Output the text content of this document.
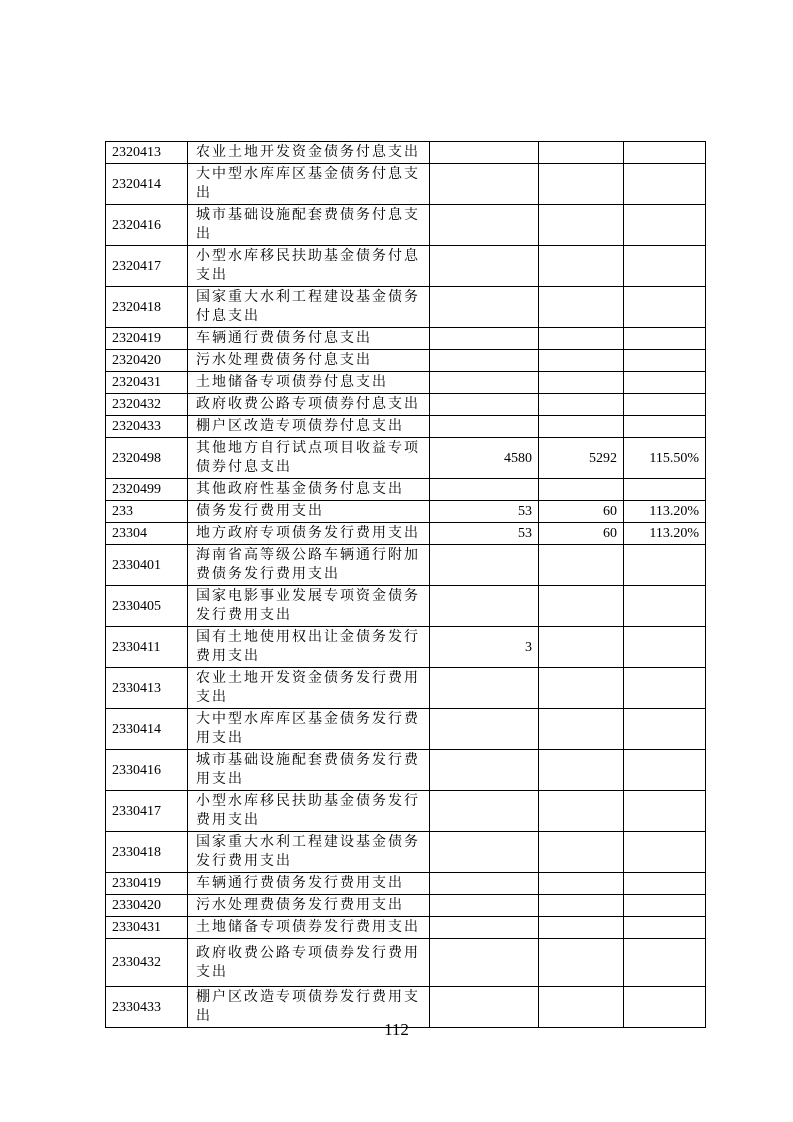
2320413	农业土地开发资金债务付息支出			
2320414	大中型水库库区基金债务付息支出			
2320416	城市基础设施配套费债务付息支出			
2320417	小型水库移民扶助基金债务付息支出			
2320418	国家重大水利工程建设基金债务付息支出			
2320419	车辆通行费债务付息支出			
2320420	污水处理费债务付息支出			
2320431	土地储备专项债券付息支出			
2320432	政府收费公路专项债券付息支出			
2320433	棚户区改造专项债券付息支出			
2320498	其他地方自行试点项目收益专项债券付息支出	4580	5292	115.50%
2320499	其他政府性基金债务付息支出			
233	债务发行费用支出	53	60	113.20%
23304	地方政府专项债务发行费用支出	53	60	113.20%
2330401	海南省高等级公路车辆通行附加费债务发行费用支出			
2330405	国家电影事业发展专项资金债务发行费用支出			
2330411	国有土地使用权出让金债务发行费用支出	3		
2330413	农业土地开发资金债务发行费用支出			
2330414	大中型水库库区基金债务发行费用支出			
2330416	城市基础设施配套费债务发行费用支出			
2330417	小型水库移民扶助基金债务发行费用支出			
2330418	国家重大水利工程建设基金债务发行费用支出			
2330419	车辆通行费债务发行费用支出			
2330420	污水处理费债务发行费用支出			
2330431	土地储备专项债券发行费用支出			
2330432	政府收费公路专项债券发行费用支出			
2330433	棚户区改造专项债券发行费用支出			
112
